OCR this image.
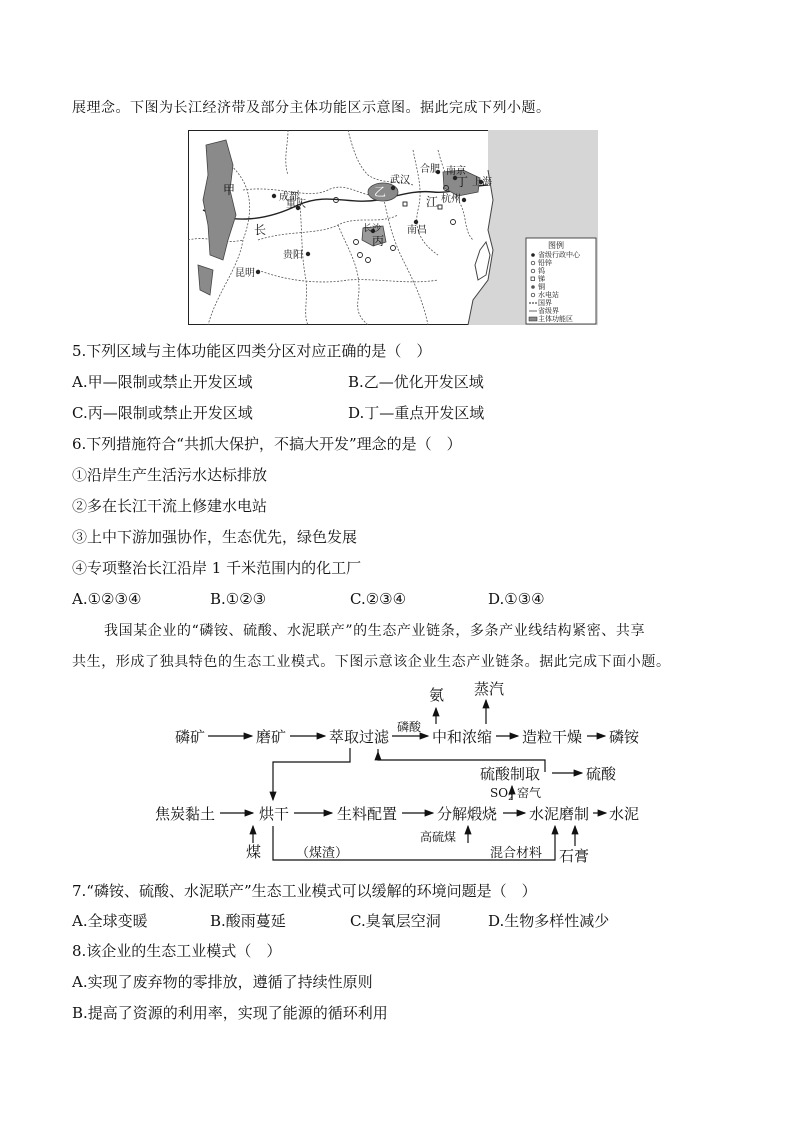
展理念。下图为长江经济带及部分主体功能区示意图。据此完成下列小题。
甲	乙
丙
丁
长
江
成都
重庆
昆明
贵阳
武汉
长沙	南昌
合肥 南京
上海
杭州
图例
省级行政中心
铅锌
钨
锑
铜
水电站
国界
省级界
主体功能区
5.下列区域与主体功能区四类分区对应正确的是（　）
A.甲—限制或禁止开发区域	B.乙—优化开发区域
C.丙—限制或禁止开发区域	D.丁—重点开发区域
6.下列措施符合“共抓大保护，不搞大开发”理念的是（　）
①沿岸生产生活污水达标排放
②多在长江干流上修建水电站
③上中下游加强协作，生态优先，绿色发展
④专项整治长江沿岸 1 千米范围内的化工厂
A.①②③④	B.①②③	C.②③④	D.①③④
我国某企业的“磷铵、硫酸、水泥联产”的生态产业链条，多条产业线结构紧密、共享
共生，形成了独具特色的生态工业模式。下图示意该企业生态产业链条。据此完成下面小题。
氨 蒸汽
磷矿	磨矿	萃取过滤
磷酸
中和浓缩 造粒干燥 磷铵
硫酸制取	硫酸
$SO_2$ 窑气
焦炭黏土	烘干	生料配置	分解煅烧 水泥磨制 水泥
煤	（煤渣）
高硫煤
混合材料 石膏
7.“磷铵、硫酸、水泥联产”生态工业模式可以缓解的环境问题是（　）
A.全球变暖	B.酸雨蔓延	C.臭氧层空洞	D.生物多样性减少
8.该企业的生态工业模式（　）
A.实现了废弃物的零排放，遵循了持续性原则
B.提高了资源的利用率，实现了能源的循环利用
